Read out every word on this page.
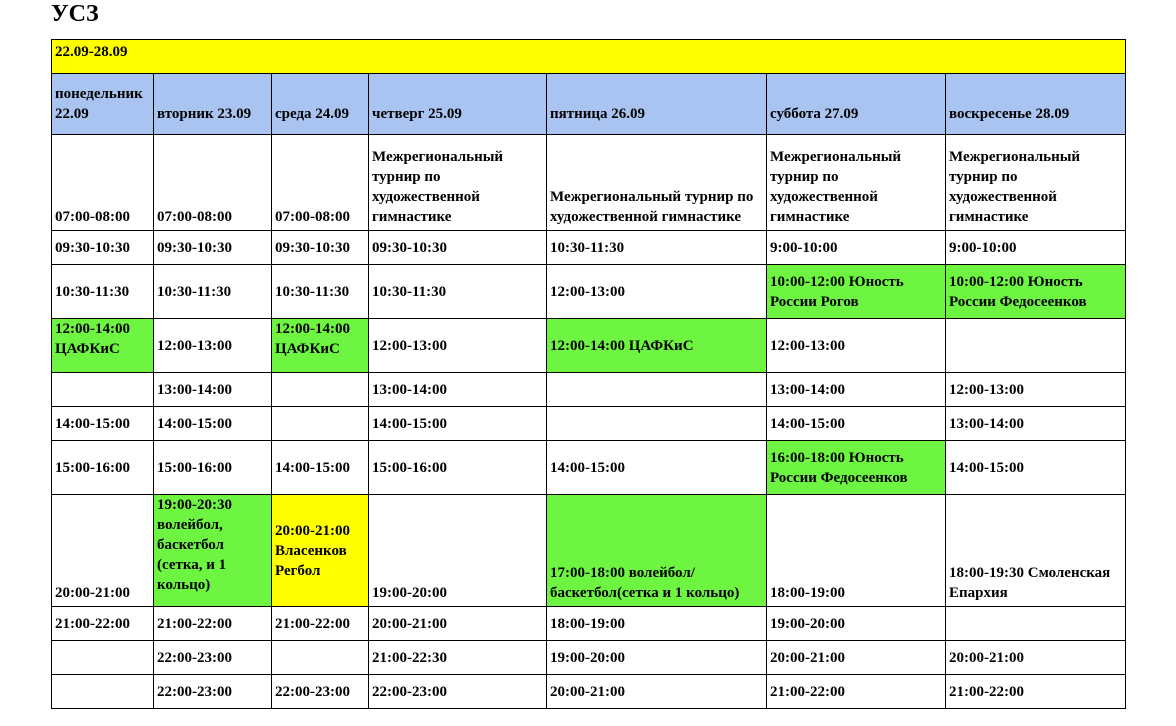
УСЗ
22.09-28.09						
понедельник 22.09	вторник 23.09	среда 24.09	четверг 25.09	пятница 26.09	суббота 27.09	воскресенье 28.09
07:00-08:00	07:00-08:00	07:00-08:00	Межрегиональный турнир по художественной гимнастике	Межрегиональный турнир по художественной гимнастике	Межрегиональный турнир по художественной гимнастике	Межрегиональный турнир по художественной гимнастике
09:30-10:30	09:30-10:30	09:30-10:30	09:30-10:30	10:30-11:30	9:00-10:00	9:00-10:00
10:30-11:30	10:30-11:30	10:30-11:30	10:30-11:30	12:00-13:00	10:00-12:00 Юность России Рогов	10:00-12:00 Юность России Федосеенков
12:00-14:00 ЦАФКиС	12:00-13:00	12:00-14:00 ЦАФКиС	12:00-13:00	12:00-14:00 ЦАФКиС	12:00-13:00	
	13:00-14:00		13:00-14:00		13:00-14:00	12:00-13:00
14:00-15:00	14:00-15:00		14:00-15:00		14:00-15:00	13:00-14:00
15:00-16:00	15:00-16:00	14:00-15:00	15:00-16:00	14:00-15:00	16:00-18:00 Юность России Федосеенков	14:00-15:00
20:00-21:00	19:00-20:30 волейбол, баскетбол (сетка, и 1 кольцо)	20:00-21:00 Власенков Регбол	19:00-20:00	17:00-18:00 волейбол/ баскетбол(сетка и 1 кольцо)	18:00-19:00	18:00-19:30 Смоленская Епархия
21:00-22:00	21:00-22:00	21:00-22:00	20:00-21:00	18:00-19:00	19:00-20:00	
	22:00-23:00		21:00-22:30	19:00-20:00	20:00-21:00	20:00-21:00
	22:00-23:00	22:00-23:00	22:00-23:00	20:00-21:00	21:00-22:00	21:00-22:00
